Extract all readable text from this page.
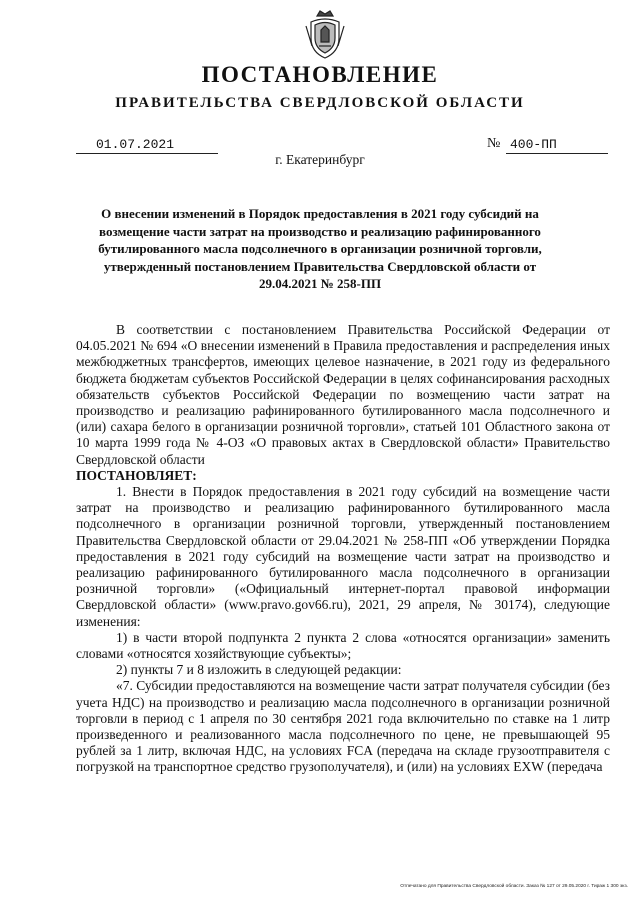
ПОСТАНОВЛЕНИЕ
ПРАВИТЕЛЬСТВА СВЕРДЛОВСКОЙ ОБЛАСТИ
01.07.2021	№ 400-ПП
г. Екатеринбург
О внесении изменений в Порядок предоставления в 2021 году субсидий на возмещение части затрат на производство и реализацию рафинированного бутилированного масла подсолнечного в организации розничной торговли, утвержденный постановлением Правительства Свердловской области от 29.04.2021 № 258-ПП

В соответствии с постановлением Правительства Российской Федерации от 04.05.2021 № 694 «О внесении изменений в Правила предоставления и распределения иных межбюджетных трансфертов, имеющих целевое назначение, в 2021 году из федерального бюджета бюджетам субъектов Российской Федерации в целях софинансирования расходных обязательств субъектов Российской Федерации по возмещению части затрат на производство и реализацию рафинированного бутилированного масла подсолнечного и (или) сахара белого в организации розничной торговли», статьей 101 Областного закона от 10 марта 1999 года № 4-ОЗ «О правовых актах в Свердловской области» Правительство Свердловской области

ПОСТАНОВЛЯЕТ:

1. Внести в Порядок предоставления в 2021 году субсидий на возмещение части затрат на производство и реализацию рафинированного бутилированного масла подсолнечного в организации розничной торговли, утвержденный постановлением Правительства Свердловской области от 29.04.2021 № 258-ПП «Об утверждении Порядка предоставления в 2021 году субсидий на возмещение части затрат на производство и реализацию рафинированного бутилированного масла подсолнечного в организации розничной торговли» («Официальный интернет-портал правовой информации Свердловской области» (www.pravo.gov66.ru), 2021, 29 апреля, № 30174), следующие изменения:

1) в части второй подпункта 2 пункта 2 слова «относятся организации» заменить словами «относятся хозяйствующие субъекты»;

2) пункты 7 и 8 изложить в следующей редакции:

«7. Субсидии предоставляются на возмещение части затрат получателя субсидии (без учета НДС) на производство и реализацию масла подсолнечного в организации розничной торговли в период с 1 апреля по 30 сентября 2021 года включительно по ставке на 1 литр произведенного и реализованного масла подсолнечного по цене, не превышающей 95 рублей за 1 литр, включая НДС, на условиях FCA (передача на складе грузоотправителя с погрузкой на транспортное средство грузополучателя), и (или) на условиях EXW (передача

Отпечатано для Правительства Свердловской области. Заказ № 127 от 29.05.2020 г. Тираж 1 300 экз.
